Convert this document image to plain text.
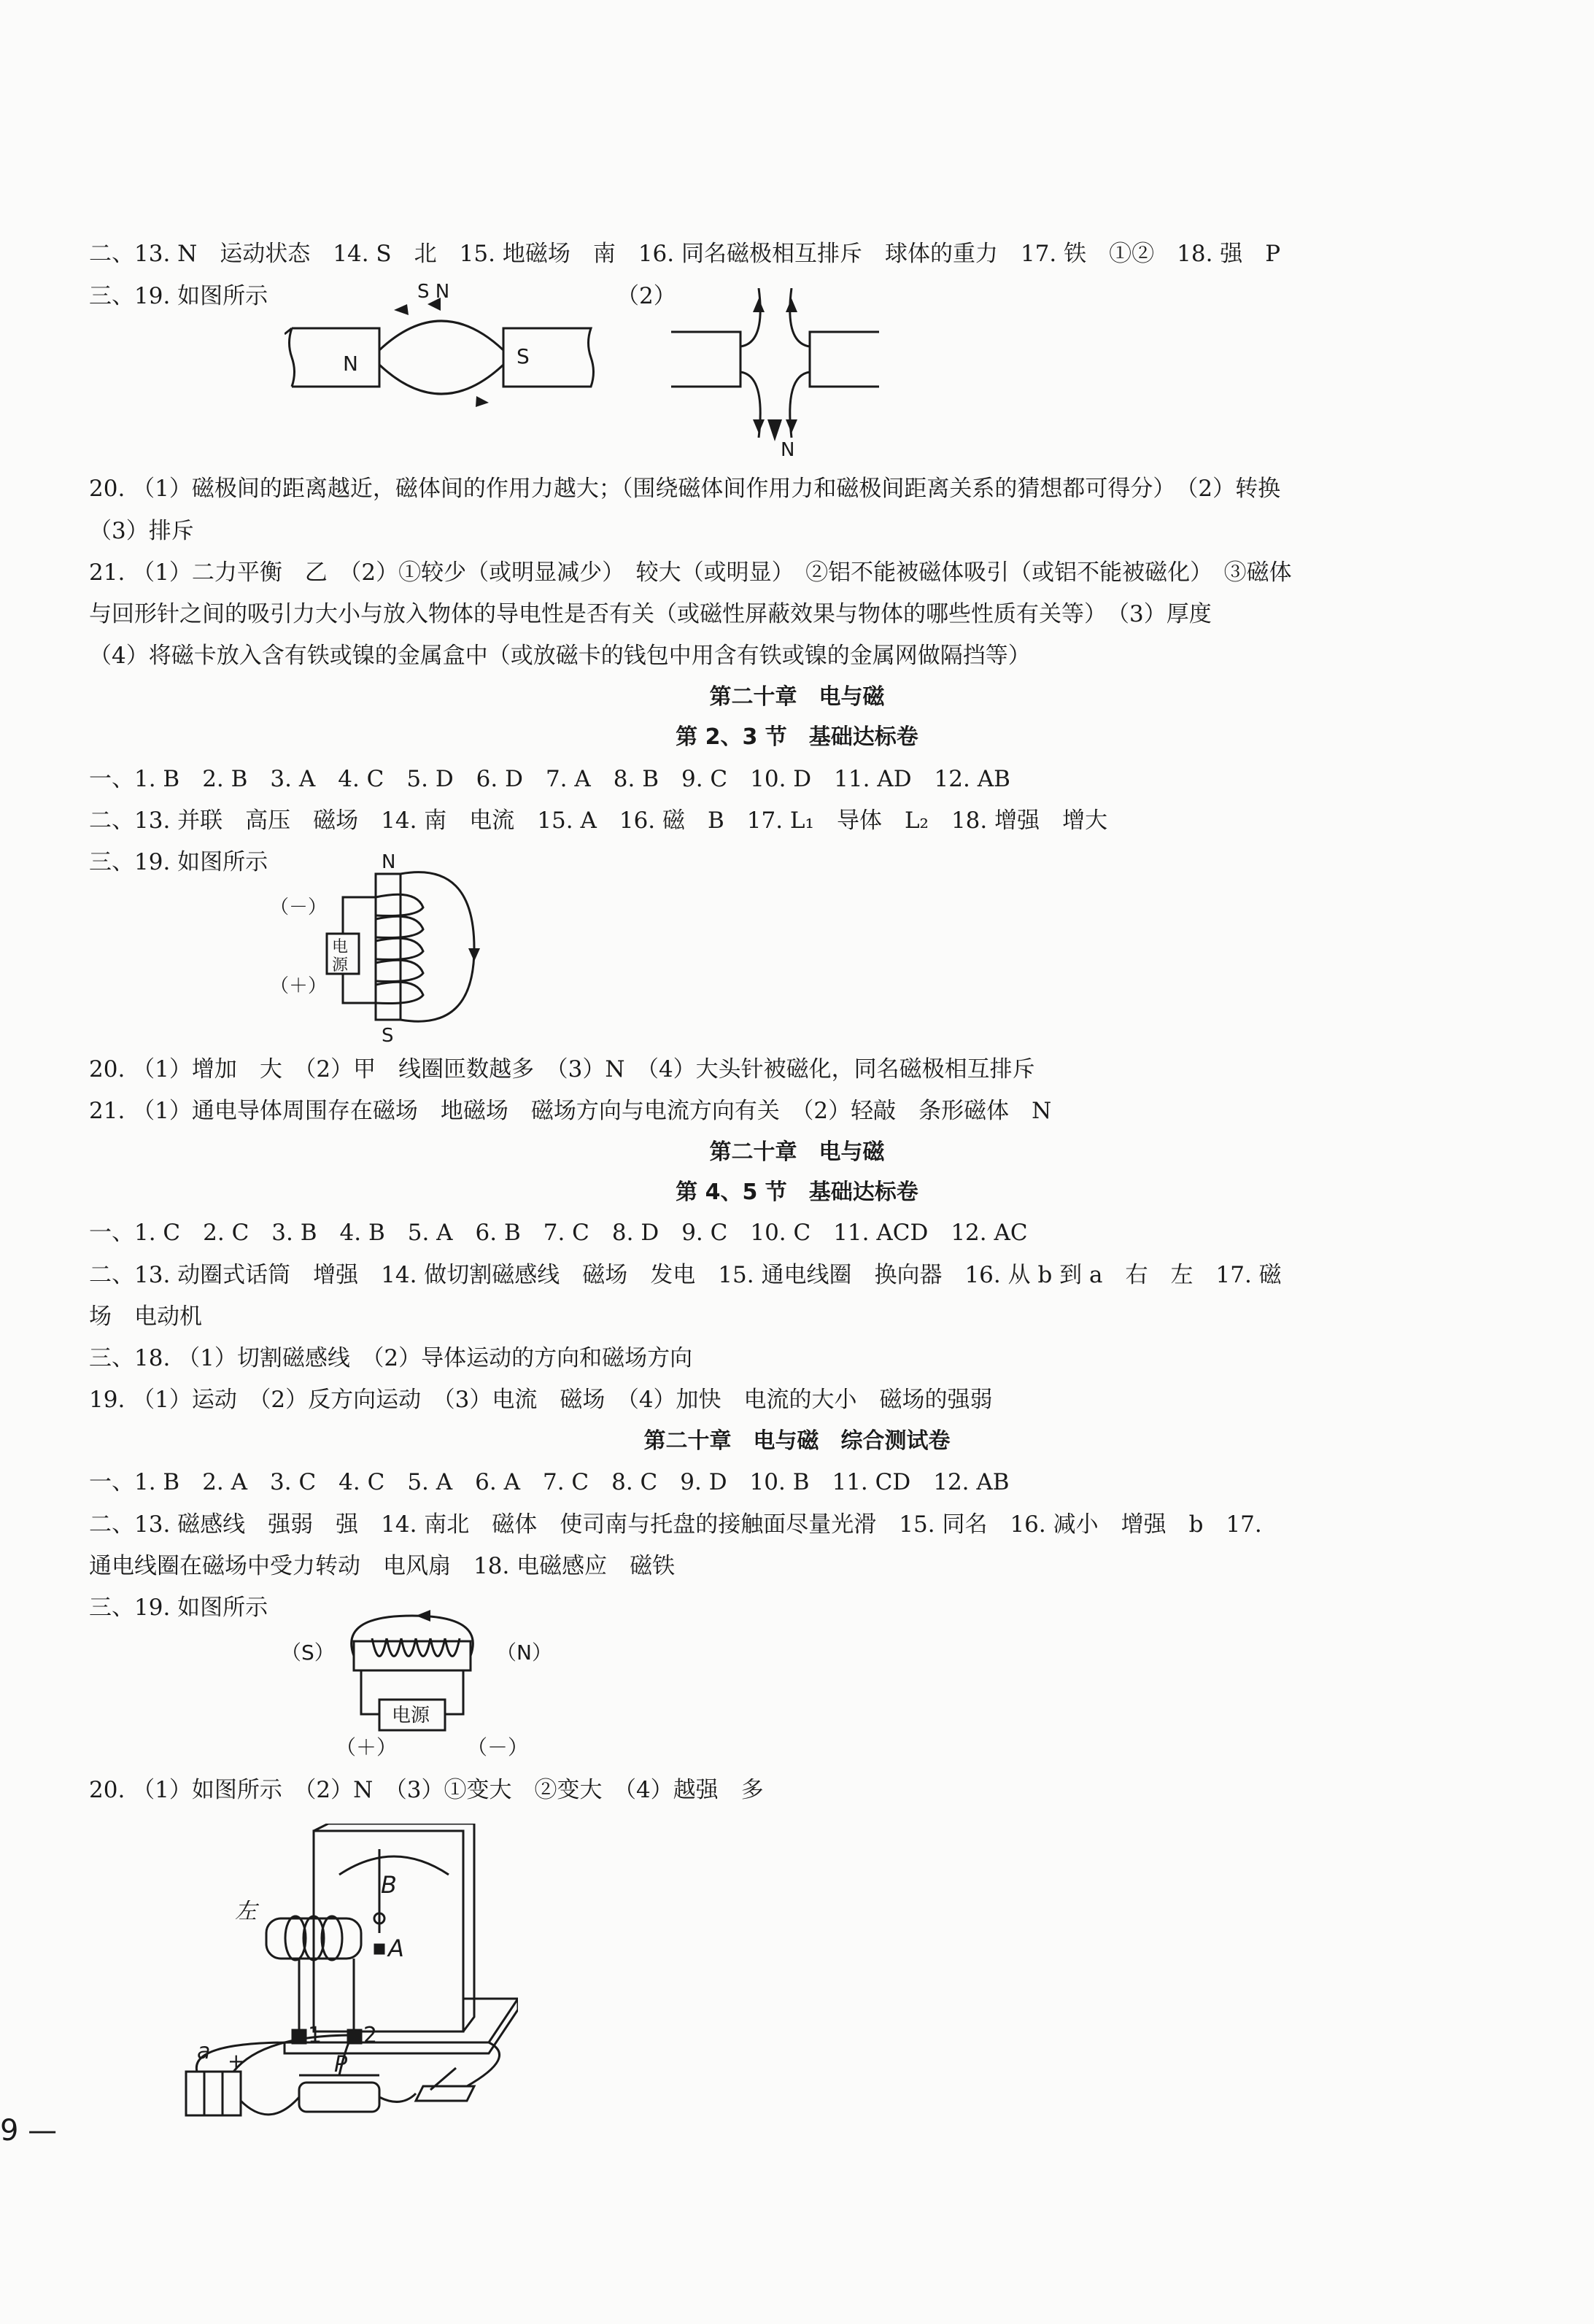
二、13. N　运动状态　14. S　北　15. 地磁场　南　16. 同名磁极相互排斥　球体的重力　17. 铁　①②　18. 强　P
三、19. 如图所示	（2）
N	S
S N
N
20. （1）磁极间的距离越近，磁体间的作用力越大；（围绕磁体间作用力和磁极间距离关系的猜想都可得分）　（2）转换
（3）排斥
21. （1）二力平衡　乙　（2）①较少（或明显减少）　较大（或明显）　②铝不能被磁体吸引（或铝不能被磁化）　③磁体
与回形针之间的吸引力大小与放入物体的导电性是否有关（或磁性屏蔽效果与物体的哪些性质有关等）　（3）厚度
（4）将磁卡放入含有铁或镍的金属盒中（或放磁卡的钱包中用含有铁或镍的金属网做隔挡等）
第二十章　电与磁
第 2、3 节　基础达标卷
一、1. B　2. B　3. A　4. C　5. D　6. D　7. A　8. B　9. C　10. D　11. AD　12. AB
二、13. 并联　高压　磁场　14. 南　电流　15. A　16. 磁　B　17. L₁　导体　L₂　18. 增强　增大
三、19. 如图所示
电
源
N
S
（－）
（＋）
20. （1）增加　大　（2）甲　线圈匝数越多　（3）N　（4）大头针被磁化，同名磁极相互排斥
21. （1）通电导体周围存在磁场　地磁场　磁场方向与电流方向有关　（2）轻敲　条形磁体　N
第二十章　电与磁
第 4、5 节　基础达标卷
一、1. C　2. C　3. B　4. B　5. A　6. B　7. C　8. D　9. C　10. C　11. ACD　12. AC
二、13. 动圈式话筒　增强　14. 做切割磁感线　磁场　发电　15. 通电线圈　换向器　16. 从 b 到 a　右　左　17. 磁
场　电动机
三、18. （1）切割磁感线　（2）导体运动的方向和磁场方向
19. （1）运动　（2）反方向运动　（3）电流　磁场　（4）加快　电流的大小　磁场的强弱
第二十章　电与磁　综合测试卷
一、1. B　2. A　3. C　4. C　5. A　6. A　7. C　8. C　9. D　10. B　11. CD　12. AB
二、13. 磁感线　强弱　强　14. 南北　磁体　使司南与托盘的接触面尽量光滑　15. 同名　16. 减小　增强　b　17.
通电线圈在磁场中受力转动　电风扇　18. 电磁感应　磁铁
三、19. 如图所示
电源
（S）	（N）
（＋）	（－）
20. （1）如图所示　（2）N　（3）①变大　②变大　（4）越强　多
B
A
左
1 2
a
P
+
9 —
